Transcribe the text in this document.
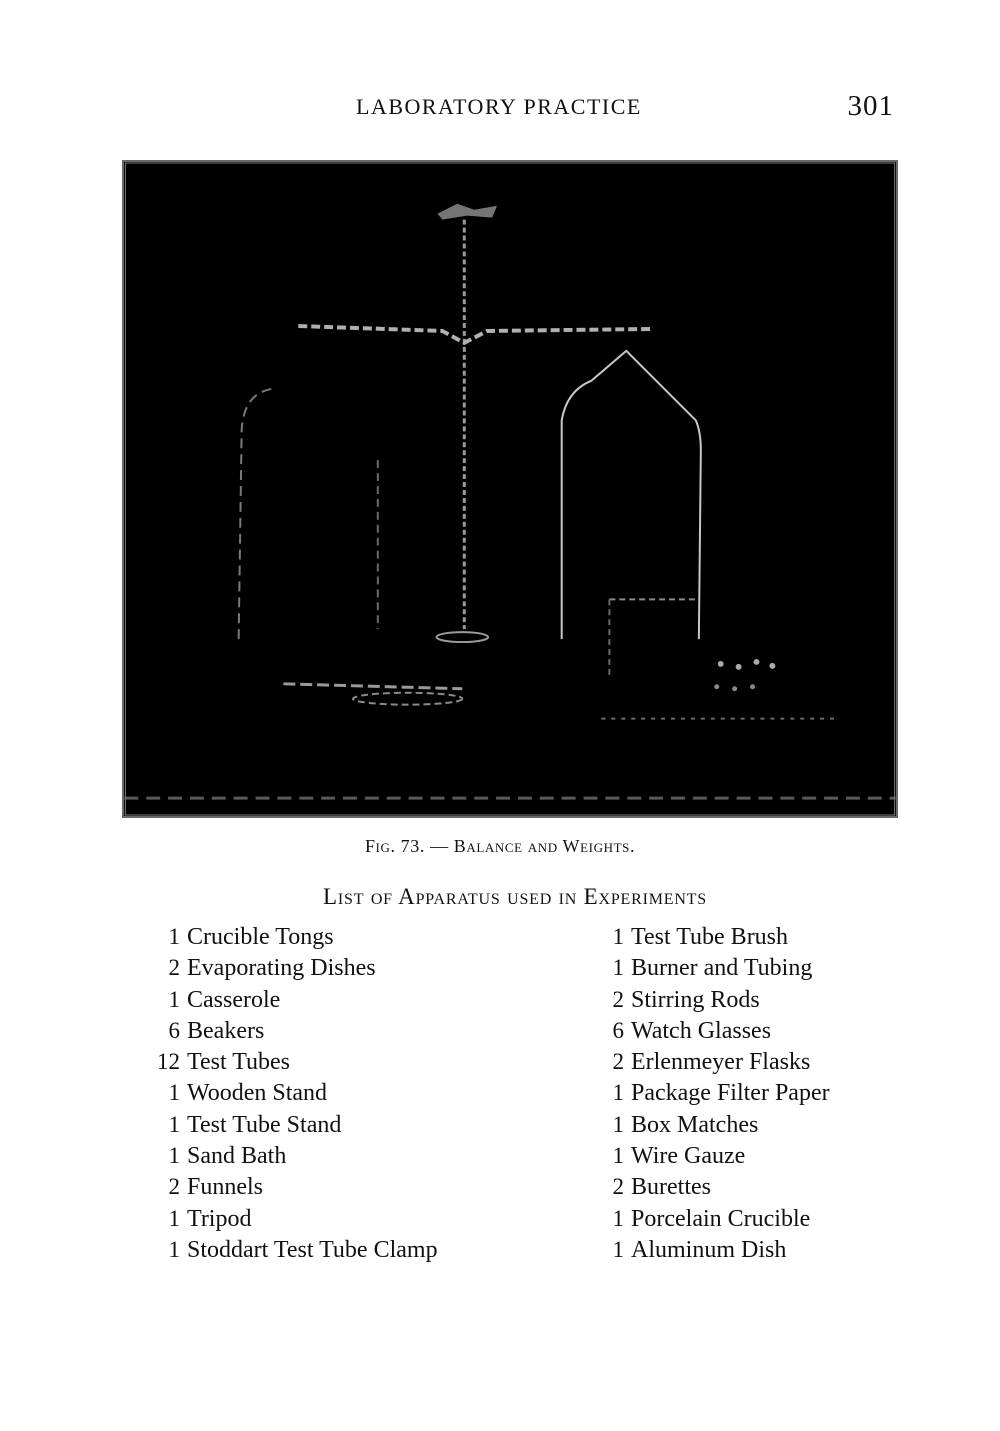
LABORATORY PRACTICE	301
Fig. 73. — Balance and Weights.
List of Apparatus used in Experiments
1 Crucible Tongs
2 Evaporating Dishes
1 Casserole
6 Beakers
12 Test Tubes
1 Wooden Stand
1 Test Tube Stand
1 Sand Bath
2 Funnels
1 Tripod
1 Stoddart Test Tube Clamp
1 Test Tube Brush
1 Burner and Tubing
2 Stirring Rods
6 Watch Glasses
2 Erlenmeyer Flasks
1 Package Filter Paper
1 Box Matches
1 Wire Gauze
2 Burettes
1 Porcelain Crucible
1 Aluminum Dish
